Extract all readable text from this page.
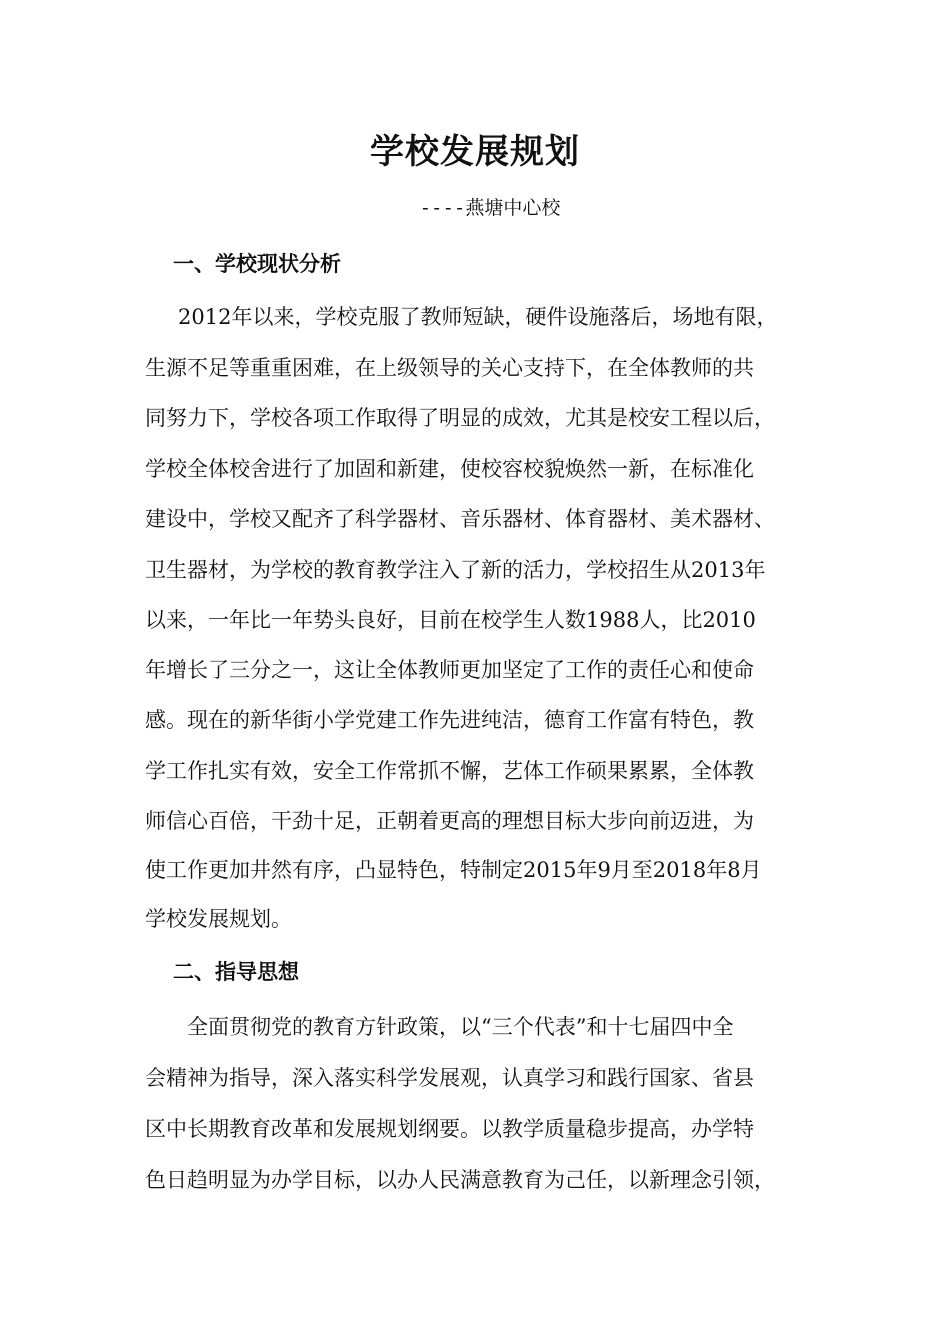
学校发展规划
----燕塘中心校
一、学校现状分析
2012年以来，学校克服了教师短缺，硬件设施落后，场地有限，
生源不足等重重困难，在上级领导的关心支持下，在全体教师的共
同努力下，学校各项工作取得了明显的成效，尤其是校安工程以后，
学校全体校舍进行了加固和新建，使校容校貌焕然一新，在标准化
建设中，学校又配齐了科学器材、音乐器材、体育器材、美术器材、
卫生器材，为学校的教育教学注入了新的活力，学校招生从2013年
以来，一年比一年势头良好，目前在校学生人数1988人，比2010
年增长了三分之一，这让全体教师更加坚定了工作的责任心和使命
感。现在的新华街小学党建工作先进纯洁，德育工作富有特色，教
学工作扎实有效，安全工作常抓不懈，艺体工作硕果累累，全体教
师信心百倍，干劲十足，正朝着更高的理想目标大步向前迈进，为
使工作更加井然有序，凸显特色，特制定2015年9月至2018年8月
学校发展规划。
二、指导思想
全面贯彻党的教育方针政策，以“三个代表”和十七届四中全
会精神为指导，深入落实科学发展观，认真学习和践行国家、省县
区中长期教育改革和发展规划纲要。以教学质量稳步提高，办学特
色日趋明显为办学目标，以办人民满意教育为己任，以新理念引领，
